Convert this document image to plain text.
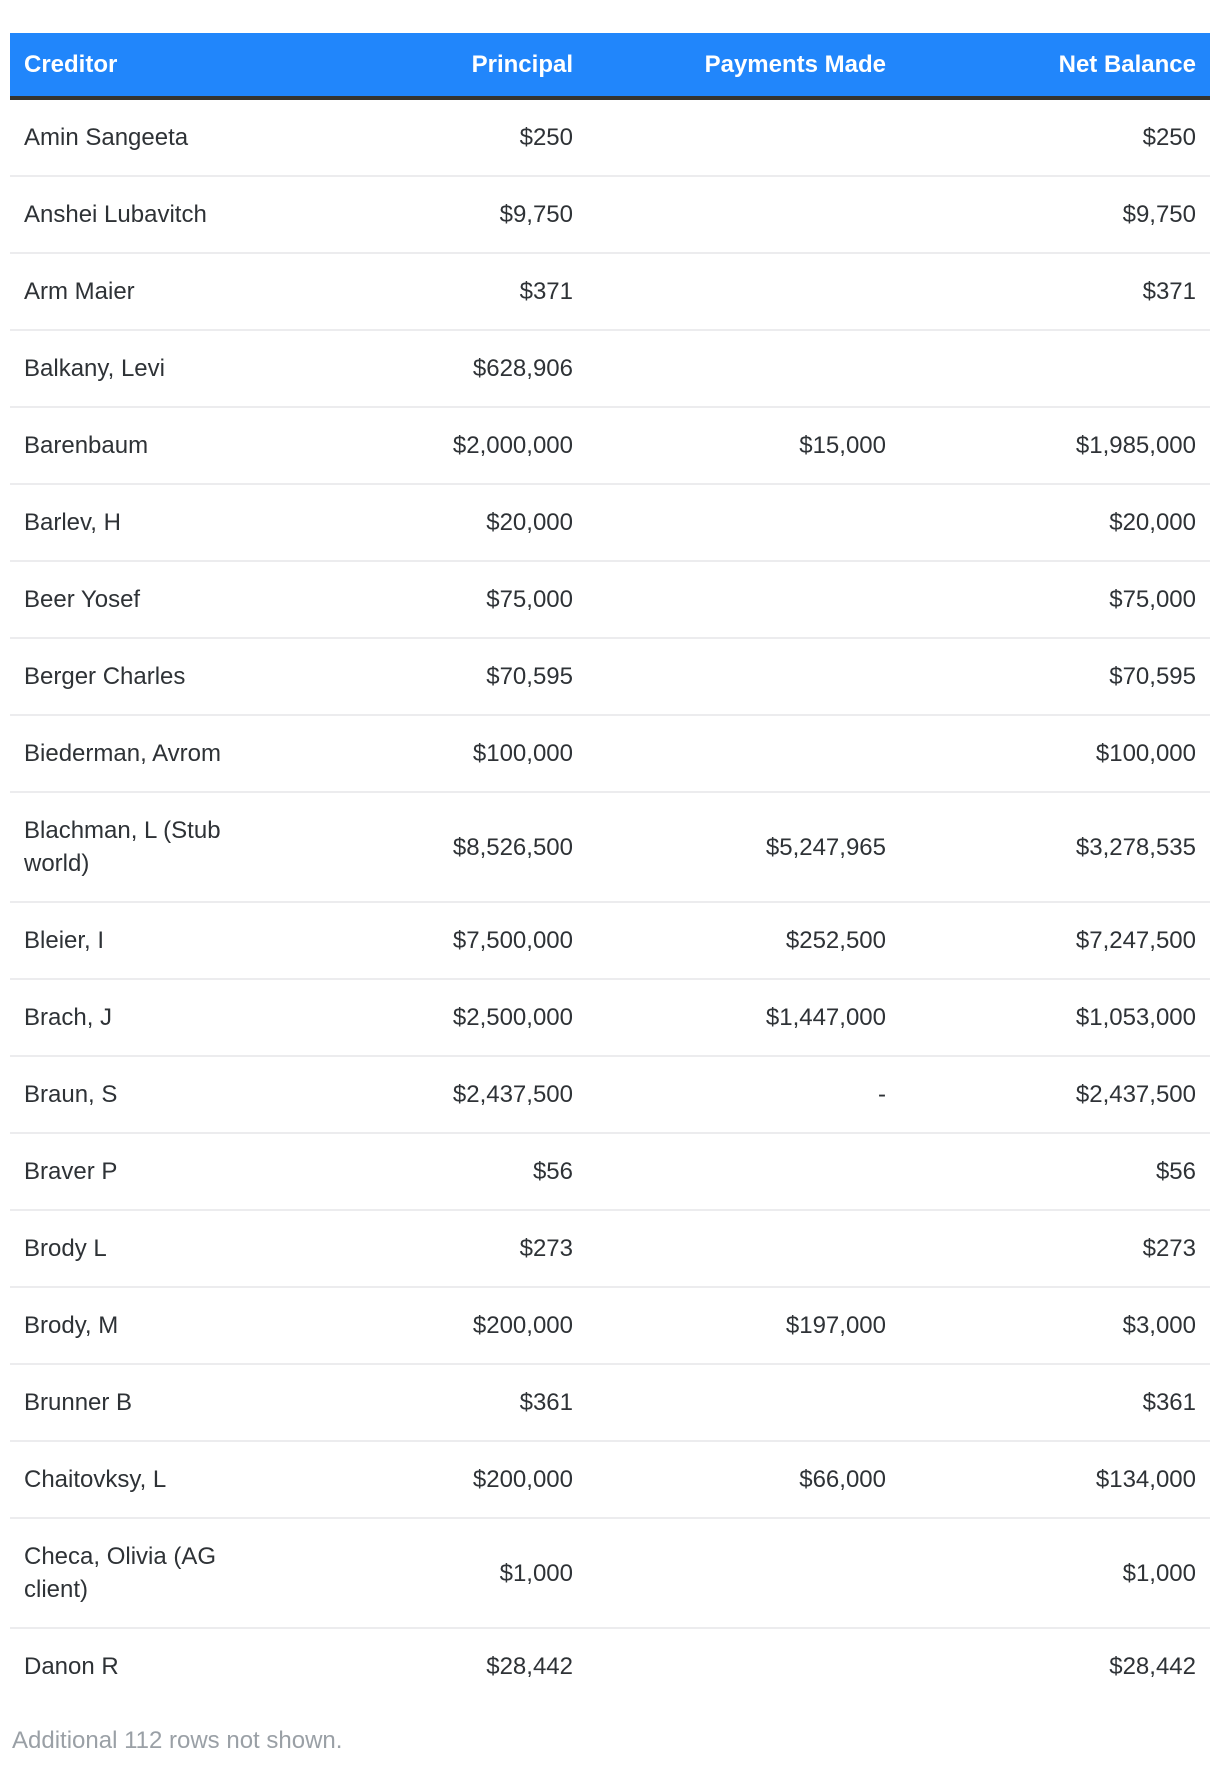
Creditor	Principal	Payments Made	Net Balance
Amin Sangeeta	$250		$250
Anshei Lubavitch	$9,750		$9,750
Arm Maier	$371		$371
Balkany, Levi	$628,906		
Barenbaum	$2,000,000	$15,000	$1,985,000
Barlev, H	$20,000		$20,000
Beer Yosef	$75,000		$75,000
Berger Charles	$70,595		$70,595
Biederman, Avrom	$100,000		$100,000
Blachman, L (Stub world)	$8,526,500	$5,247,965	$3,278,535
Bleier, I	$7,500,000	$252,500	$7,247,500
Brach, J	$2,500,000	$1,447,000	$1,053,000
Braun, S	$2,437,500	-	$2,437,500
Braver P	$56		$56
Brody L	$273		$273
Brody, M	$200,000	$197,000	$3,000
Brunner B	$361		$361
Chaitovksy, L	$200,000	$66,000	$134,000
Checa, Olivia (AG client)	$1,000		$1,000
Danon R	$28,442		$28,442
Additional 112 rows not shown.
